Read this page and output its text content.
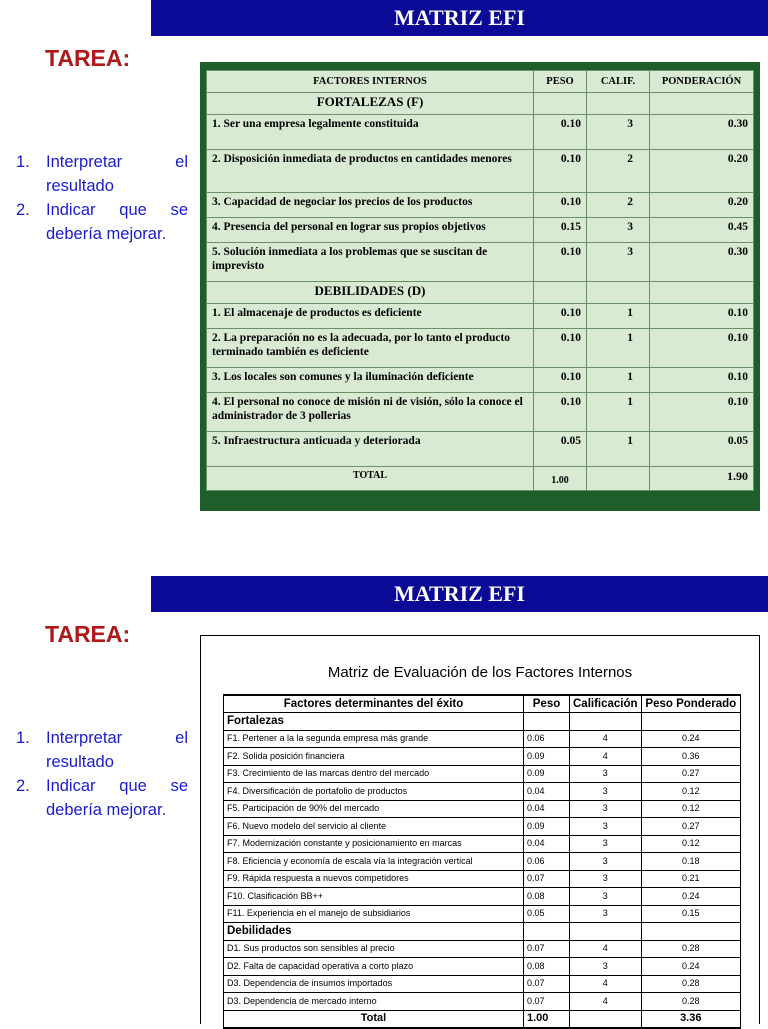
MATRIZ EFI
TAREA:
1. Interpretar el resultado
2. Indicar que se debería mejorar.
FACTORES INTERNOS	PESO	CALIF.	PONDERACIÓN
FORTALEZAS (F)			
1. Ser una empresa legalmente constituida	0.10	3	0.30
2. Disposición inmediata de productos en cantidades menores	0.10	2	0.20
3. Capacidad de negociar los precios de los productos	0.10	2	0.20
4. Presencia del personal en lograr sus propios objetivos	0.15	3	0.45
5. Solución inmediata a los problemas que se suscitan de imprevisto	0.10	3	0.30
DEBILIDADES (D)			
1. El almacenaje de productos es deficiente	0.10	1	0.10
2. La preparación no es la adecuada, por lo tanto el producto terminado también es deficiente	0.10	1	0.10
3. Los locales son comunes y la iluminación deficiente	0.10	1	0.10
4. El personal no conoce de misión ni de visión, sólo la conoce el administrador de 3 pollerias	0.10	1	0.10
5. Infraestructura anticuada y deteriorada	0.05	1	0.05
TOTAL	1.00		1.90
MATRIZ EFI
TAREA:
1. Interpretar el resultado
2. Indicar que se debería mejorar.
Matriz de Evaluación de los Factores Internos
Factores determinantes del éxito	Peso	Calificación	Peso Ponderado
Fortalezas			
F1. Pertener a la la segunda empresa más grande	0.06	4	0.24
F2. Solida posición financiera	0.09	4	0.36
F3. Crecimiento de las marcas dentro del mercado	0.09	3	0.27
F4. Diversificación de portafolio de productos	0.04	3	0.12
F5. Participación de 90% del mercado	0.04	3	0.12
F6. Nuevo modelo del servicio al cliente	0.09	3	0.27
F7. Modernización constante y posicionamiento en marcas	0.04	3	0.12
F8. Eficiencia y economía de escala vía la integración vertical	0.06	3	0.18
F9. Rápida respuesta a nuevos competidores	0.07	3	0.21
F10. Clasificación BB++	0.08	3	0.24
F11. Experiencia en el manejo de subsidiarios	0.05	3	0.15
Debilidades			
D1. Sus productos son sensibles al precio	0.07	4	0.28
D2. Falta de capacidad operativa a corto plazo	0.08	3	0.24
D3. Dependencia de insumos importados	0.07	4	0.28
D3. Dependencia de mercado interno	0.07	4	0.28
Total	1.00		3.36
